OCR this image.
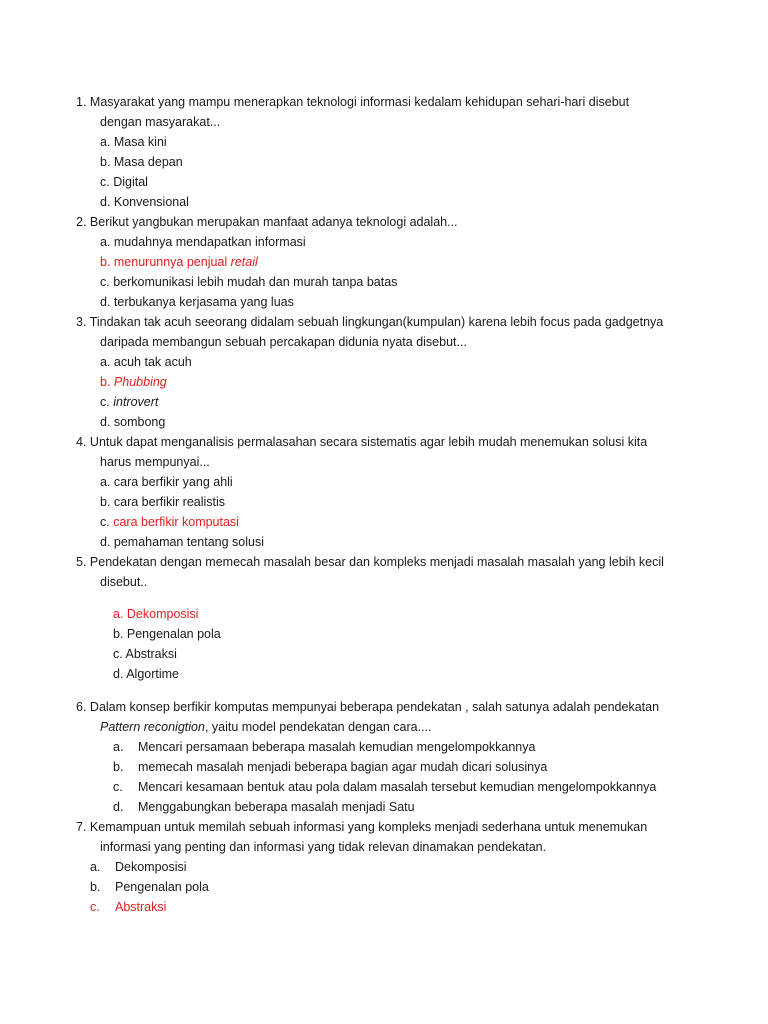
1. Masyarakat yang mampu menerapkan teknologi informasi kedalam kehidupan sehari-hari disebut
dengan masyarakat...
a. Masa kini
b. Masa depan
c. Digital
d. Konvensional
2. Berikut yangbukan merupakan manfaat adanya teknologi adalah...
a. mudahnya mendapatkan informasi
b. menurunnya penjual retail
c. berkomunikasi lebih mudah dan murah tanpa batas
d. terbukanya kerjasama yang luas
3. Tindakan tak acuh seeorang didalam sebuah lingkungan(kumpulan) karena lebih focus pada gadgetnya
daripada membangun sebuah percakapan didunia nyata disebut...
a. acuh tak acuh
b. Phubbing
c. introvert
d. sombong
4. Untuk dapat menganalisis permalasahan secara sistematis agar lebih mudah menemukan solusi kita
harus mempunyai...
a. cara berfikir yang ahli
b. cara berfikir realistis
c. cara berfikir komputasi
d. pemahaman tentang solusi
5. Pendekatan dengan memecah masalah besar dan kompleks menjadi masalah masalah yang lebih kecil
disebut..
a. Dekomposisi
b. Pengenalan pola
c. Abstraksi
d. Algortime
6. Dalam konsep berfikir komputas mempunyai beberapa pendekatan , salah satunya adalah pendekatan
Pattern reconigtion, yaitu model pendekatan dengan cara....
a. Mencari persamaan beberapa masalah kemudian mengelompokkannya
b. memecah masalah menjadi beberapa bagian agar mudah dicari solusinya
c. Mencari kesamaan bentuk atau pola dalam masalah tersebut kemudian mengelompokkannya
d. Menggabungkan beberapa masalah menjadi Satu
7. Kemampuan untuk memilah sebuah informasi yang kompleks menjadi sederhana untuk menemukan
informasi yang penting dan informasi yang tidak relevan dinamakan pendekatan.
a. Dekomposisi
b. Pengenalan pola
c. Abstraksi
